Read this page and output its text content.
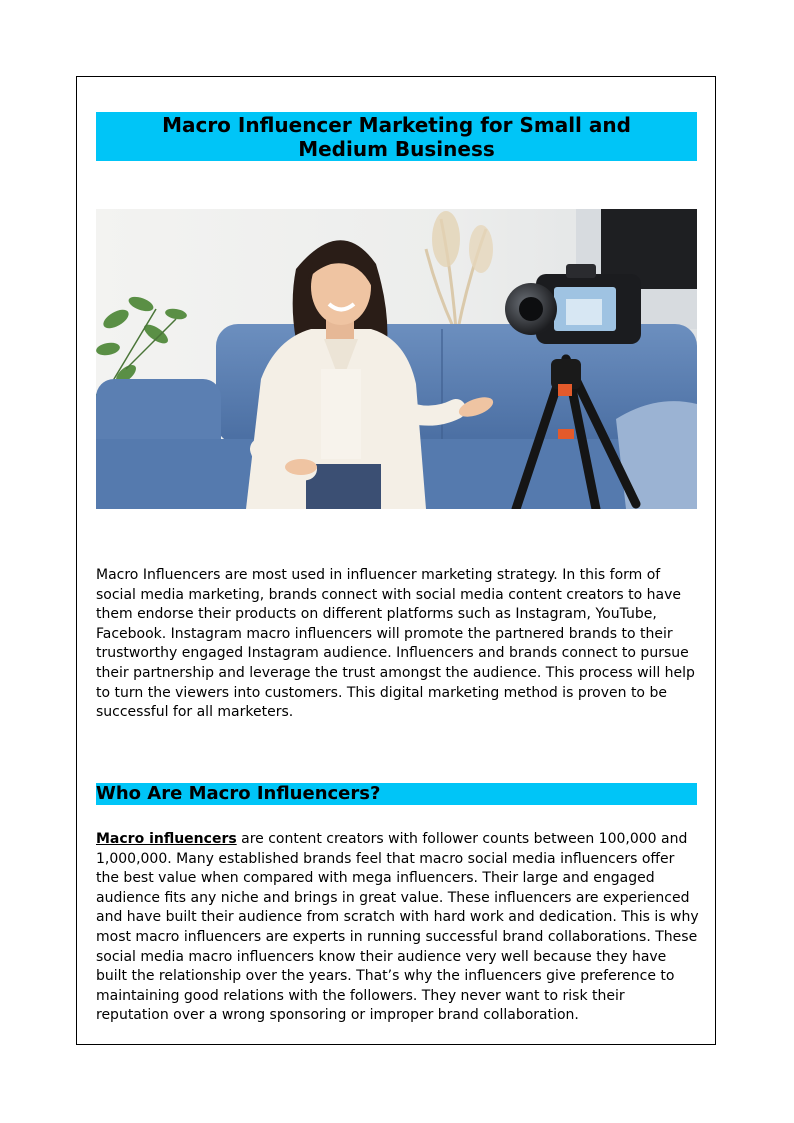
Macro Influencer Marketing for Small and Medium Business

Macro Influencers are most used in influencer marketing strategy. In this form of social media marketing, brands connect with social media content creators to have them endorse their products on different platforms such as Instagram, YouTube, Facebook. Instagram macro influencers will promote the partnered brands to their trustworthy engaged Instagram audience. Influencers and brands connect to pursue their partnership and leverage the trust amongst the audience. This process will help to turn the viewers into customers. This digital marketing method is proven to be successful for all marketers.

Who Are Macro Influencers?

Macro influencers are content creators with follower counts between 100,000 and 1,000,000. Many established brands feel that macro social media influencers offer the best value when compared with mega influencers. Their large and engaged audience fits any niche and brings in great value. These influencers are experienced and have built their audience from scratch with hard work and dedication. This is why most macro influencers are experts in running successful brand collaborations. These social media macro influencers know their audience very well because they have built the relationship over the years. That’s why the influencers give preference to maintaining good relations with the followers. They never want to risk their reputation over a wrong sponsoring or improper brand collaboration.
